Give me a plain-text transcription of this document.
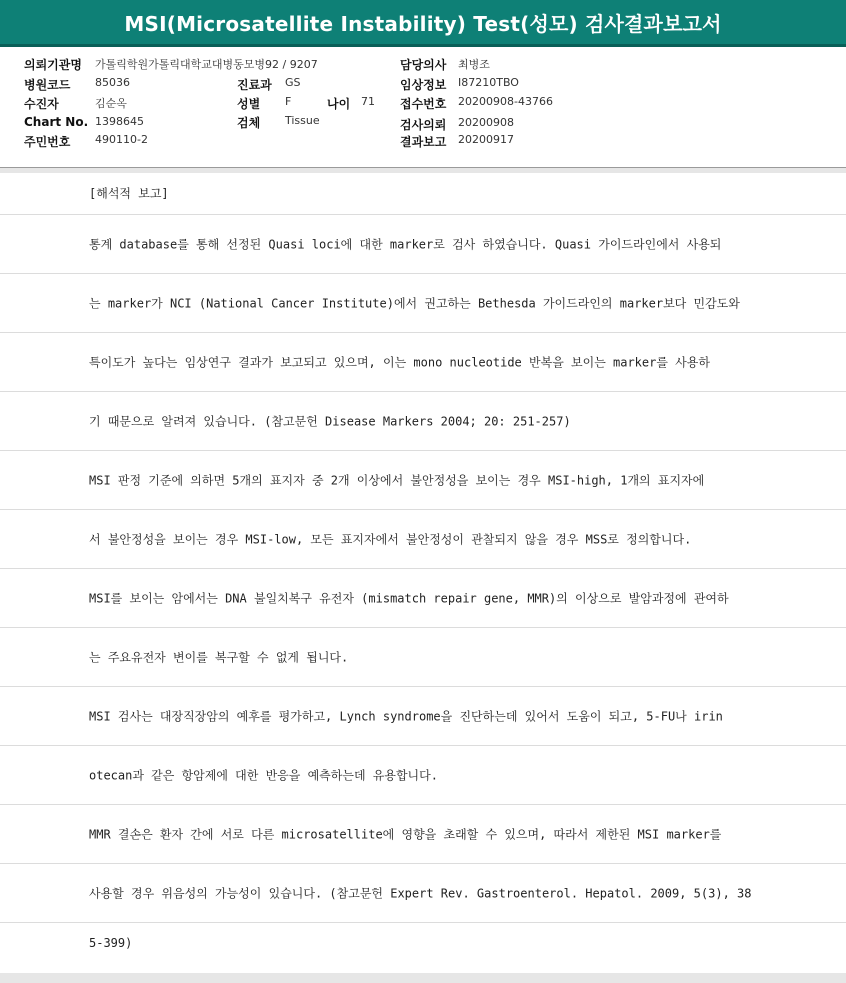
MSI(Microsatellite Instability) Test(성모) 검사결과보고서
의뢰기관명 가톨릭학원가톨릭대학교대병동모병92 / 9207
병원코드 85036
수진자	김순옥
Chart No. 1398645
주민번호 490110-2
진료과 GS
성별 F	나이 71
검체 Tissue
담당의사 최병조
임상정보 I87210TBO
접수번호 20200908-43766
검사의뢰 20200908
결과보고 20200917
[해석적 보고]
통계 database를 통해 선정된 Quasi loci에 대한 marker로 검사 하였습니다. Quasi 가이드라인에서 사용되
는 marker가 NCI (National Cancer Institute)에서 권고하는 Bethesda 가이드라인의 marker보다 민감도와
특이도가 높다는 임상연구 결과가 보고되고 있으며, 이는 mono nucleotide 반복을 보이는 marker를 사용하
기 때문으로 알려져 있습니다. (참고문헌 Disease Markers 2004; 20: 251-257)
MSI 판정 기준에 의하면 5개의 표지자 중 2개 이상에서 불안정성을 보이는 경우 MSI-high, 1개의 표지자에
서 불안정성을 보이는 경우 MSI-low, 모든 표지자에서 불안정성이 관찰되지 않을 경우 MSS로 정의합니다.
MSI를 보이는 암에서는 DNA 불일치복구 유전자 (mismatch repair gene, MMR)의 이상으로 발암과정에 관여하
는 주요유전자 변이를 복구할 수 없게 됩니다.
MSI 검사는 대장직장암의 예후를 평가하고, Lynch syndrome을 진단하는데 있어서 도움이 되고, 5-FU나 irin
otecan과 같은 항암제에 대한 반응을 예측하는데 유용합니다.
MMR 결손은 환자 간에 서로 다른 microsatellite에 영향을 초래할 수 있으며, 따라서 제한된 MSI marker를
사용할 경우 위음성의 가능성이 있습니다. (참고문헌 Expert Rev. Gastroenterol. Hepatol. 2009, 5(3), 38
5-399)
